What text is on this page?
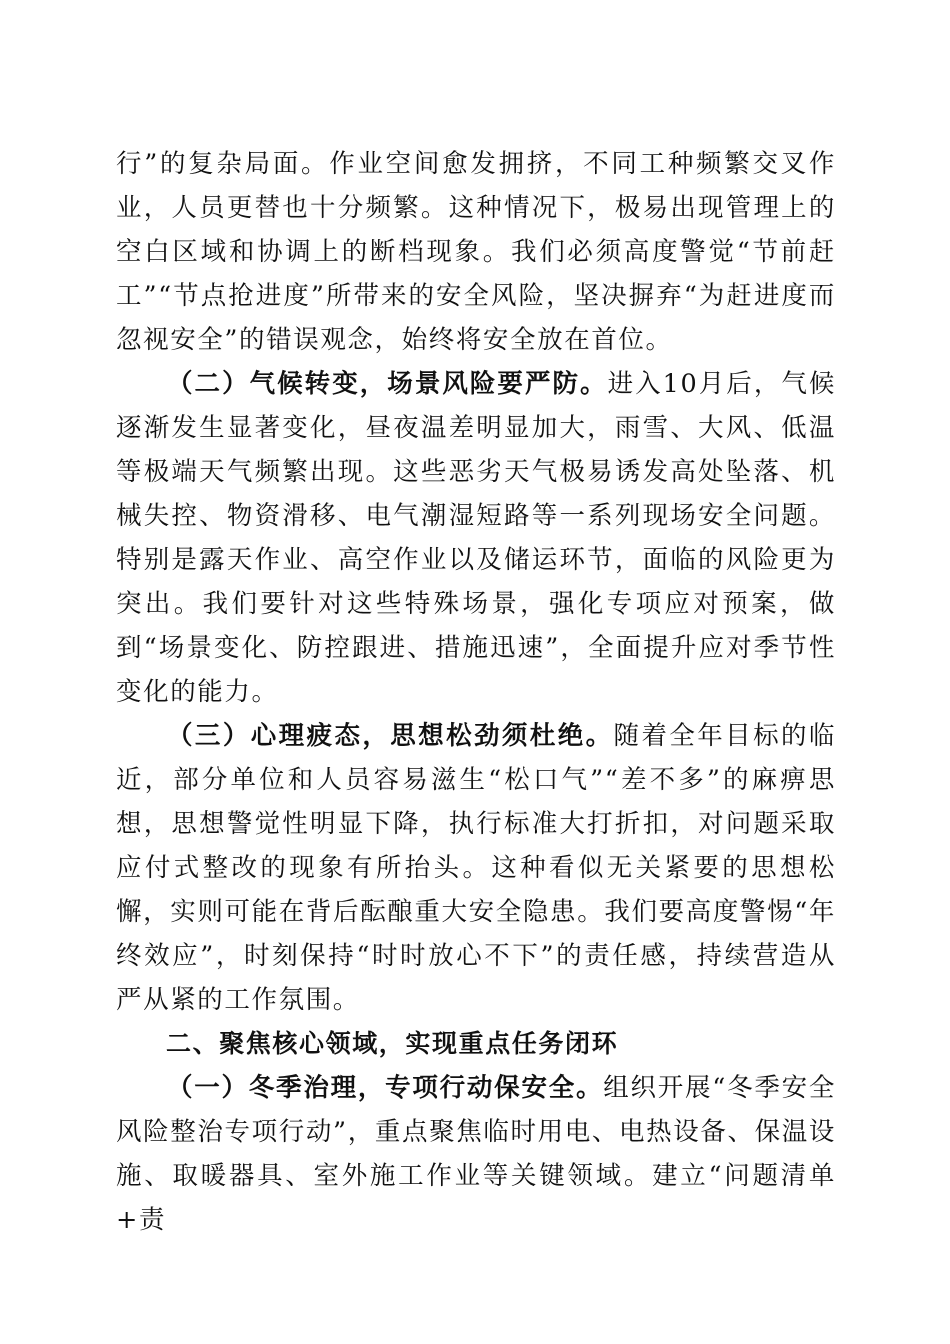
行”的复杂局面。作业空间愈发拥挤，不同工种频繁交叉作业，人员更替也十分频繁。这种情况下，极易出现管理上的空白区域和协调上的断档现象。我们必须高度警觉“节前赶工”“节点抢进度”所带来的安全风险，坚决摒弃“为赶进度而忽视安全”的错误观念，始终将安全放在首位。

（二）气候转变，场景风险要严防。进入10月后，气候逐渐发生显著变化，昼夜温差明显加大，雨雪、大风、低温等极端天气频繁出现。这些恶劣天气极易诱发高处坠落、机械失控、物资滑移、电气潮湿短路等一系列现场安全问题。特别是露天作业、高空作业以及储运环节，面临的风险更为突出。我们要针对这些特殊场景，强化专项应对预案，做到“场景变化、防控跟进、措施迅速”，全面提升应对季节性变化的能力。

（三）心理疲态，思想松劲须杜绝。随着全年目标的临近，部分单位和人员容易滋生“松口气”“差不多”的麻痹思想，思想警觉性明显下降，执行标准大打折扣，对问题采取应付式整改的现象有所抬头。这种看似无关紧要的思想松懈，实则可能在背后酝酿重大安全隐患。我们要高度警惕“年终效应”，时刻保持“时时放心不下”的责任感，持续营造从严从紧的工作氛围。

二、聚焦核心领域，实现重点任务闭环

（一）冬季治理，专项行动保安全。组织开展“冬季安全风险整治专项行动”，重点聚焦临时用电、电热设备、保温设施、取暖器具、室外施工作业等关键领域。建立“问题清单+责
